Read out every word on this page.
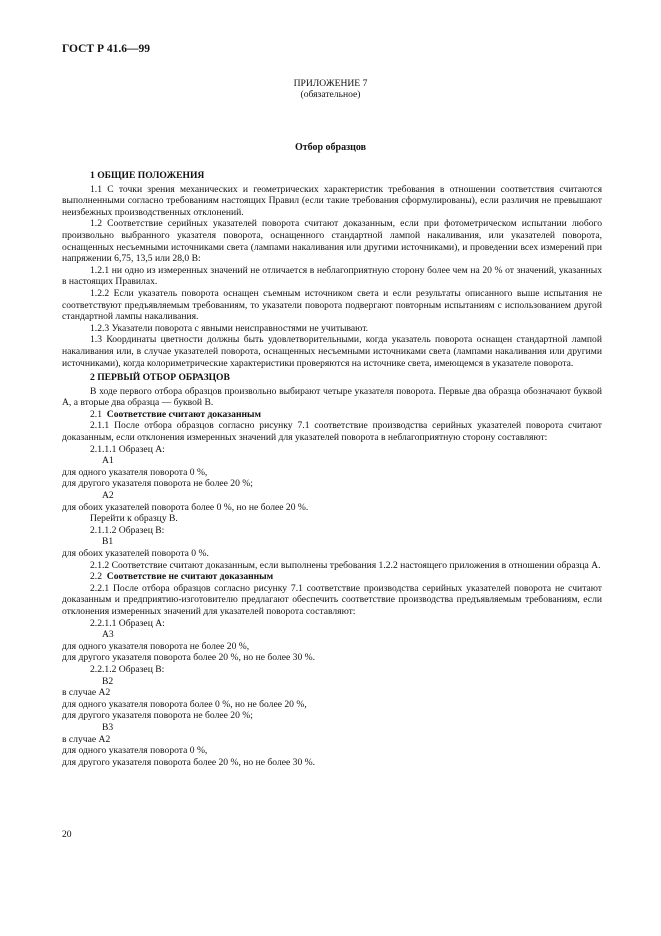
ГОСТ Р 41.6—99
ПРИЛОЖЕНИЕ 7
(обязательное)
Отбор образцов

1 ОБЩИЕ ПОЛОЖЕНИЯ

1.1 С точки зрения механических и геометрических характеристик требования в отношении соответствия считаются выполненными согласно требованиям настоящих Правил (если такие требования сформулированы), если различия не превышают неизбежных производственных отклонений.

1.2 Соответствие серийных указателей поворота считают доказанным, если при фотометрическом испытании любого произвольно выбранного указателя поворота, оснащенного стандартной лампой накаливания, или указателей поворота, оснащенных несъемными источниками света (лампами накаливания или другими источниками), и проведении всех измерений при напряжении 6,75, 13,5 или 28,0 В:

1.2.1 ни одно из измеренных значений не отличается в неблагоприятную сторону более чем на 20 % от значений, указанных в настоящих Правилах.

1.2.2 Если указатель поворота оснащен съемным источником света и если результаты описанного выше испытания не соответствуют предъявляемым требованиям, то указатели поворота подвергают повторным испытаниям с использованием другой стандартной лампы накаливания.

1.2.3 Указатели поворота с явными неисправностями не учитывают.

1.3 Координаты цветности должны быть удовлетворительными, когда указатель поворота оснащен стандартной лампой накаливания или, в случае указателей поворота, оснащенных несъемными источниками света (лампами накаливания или другими источниками), когда колориметрические характеристики проверяются на источнике света, имеющемся в указателе поворота.

2 ПЕРВЫЙ ОТБОР ОБРАЗЦОВ

В ходе первого отбора образцов произвольно выбирают четыре указателя поворота. Первые два образца обозначают буквой А, а вторые два образца — буквой В.

2.1 Соответствие считают доказанным

2.1.1 После отбора образцов согласно рисунку 7.1 соответствие производства серийных указателей поворота считают доказанным, если отклонения измеренных значений для указателей поворота в неблагоприятную сторону составляют:

2.1.1.1 Образец А:

А1

для одного указателя поворота 0 %,

для другого указателя поворота не более 20 %;

А2

для обоих указателей поворота более 0 %, но не более 20 %.

Перейти к образцу В.

2.1.1.2 Образец В:

В1

для обоих указателей поворота 0 %.

2.1.2 Соответствие считают доказанным, если выполнены требования 1.2.2 настоящего приложения в отношении образца А.

2.2 Соответствие не считают доказанным

2.2.1 После отбора образцов согласно рисунку 7.1 соответствие производства серийных указателей поворота не считают доказанным и предприятию-изготовителю предлагают обеспечить соответствие производства предъявляемым требованиям, если отклонения измеренных значений для указателей поворота составляют:

2.2.1.1 Образец А:

А3

для одного указателя поворота не более 20 %,

для другого указателя поворота более 20 %, но не более 30 %.

2.2.1.2 Образец В:

В2

в случае А2

для одного указателя поворота более 0 %, но не более 20 %,

для другого указателя поворота не более 20 %;

В3

в случае А2

для одного указателя поворота 0 %,

для другого указателя поворота более 20 %, но не более 30 %.

20
